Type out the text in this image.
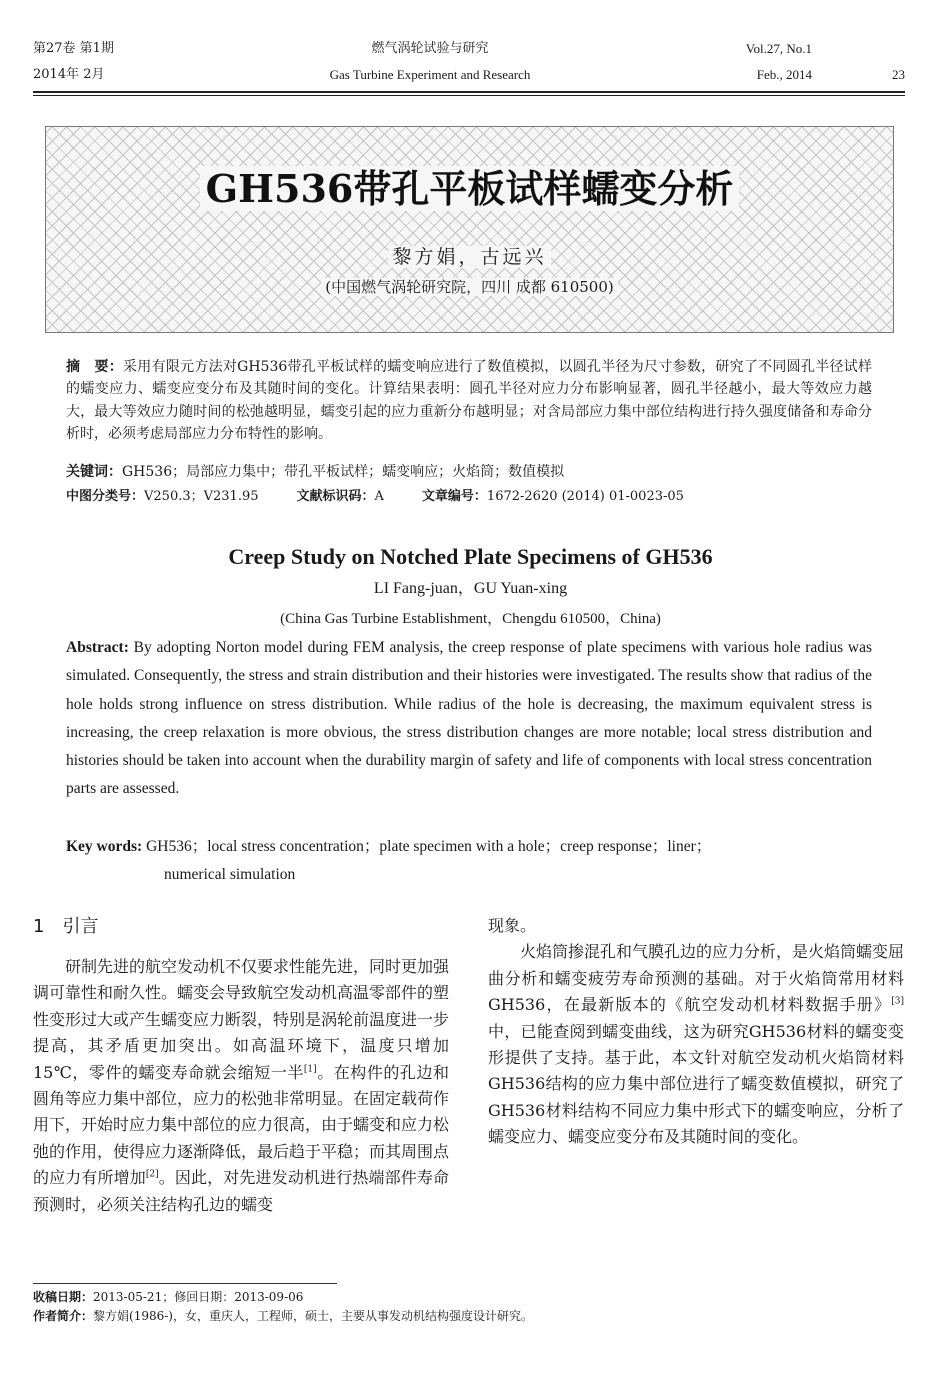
第27卷 第1期
2014年 2月
燃气涡轮试验与研究
Gas Turbine Experiment and Research
Vol.27, No.1
Feb., 2014	23
GH536带孔平板试样蠕变分析
黎方娟，古远兴
(中国燃气涡轮研究院，四川 成都 610500)
摘　要：采用有限元方法对GH536带孔平板试样的蠕变响应进行了数值模拟，以圆孔半径为尺寸参数，研究了不同圆孔半径试样的蠕变应力、蠕变应变分布及其随时间的变化。计算结果表明：圆孔半径对应力分布影响显著，圆孔半径越小，最大等效应力越大，最大等效应力随时间的松弛越明显，蠕变引起的应力重新分布越明显；对含局部应力集中部位结构进行持久强度储备和寿命分析时，必须考虑局部应力分布特性的影响。
关键词：GH536；局部应力集中；带孔平板试样；蠕变响应；火焰筒；数值模拟
中图分类号：V250.3；V231.95	文献标识码：A	文章编号：1672-2620 (2014) 01-0023-05
Creep Study on Notched Plate Specimens of GH536
LI Fang-juan，GU Yuan-xing
(China Gas Turbine Establishment，Chengdu 610500，China)
Abstract: By adopting Norton model during FEM analysis, the creep response of plate specimens with various hole radius was simulated. Consequently, the stress and strain distribution and their histories were investigated. The results show that radius of the hole holds strong influence on stress distribution. While radius of the hole is decreasing, the maximum equivalent stress is increasing, the creep relaxation is more obvious, the stress distribution changes are more notable; local stress distribution and histories should be taken into account when the durability margin of safety and life of components with local stress concentration parts are assessed.
Key words: GH536；local stress concentration；plate specimen with a hole；creep response；liner；
numerical simulation
1　引言
研制先进的航空发动机不仅要求性能先进，同时更加强调可靠性和耐久性。蠕变会导致航空发动机高温零部件的塑性变形过大或产生蠕变应力断裂，特别是涡轮前温度进一步提高，其矛盾更加突出。如高温环境下，温度只增加15℃，零件的蠕变寿命就会缩短一半[1]。在构件的孔边和圆角等应力集中部位，应力的松弛非常明显。在固定载荷作用下，开始时应力集中部位的应力很高，由于蠕变和应力松弛的作用，使得应力逐渐降低，最后趋于平稳；而其周围点的应力有所增加[2]。因此，对先进发动机进行热端部件寿命预测时，必须关注结构孔边的蠕变
现象。
火焰筒掺混孔和气膜孔边的应力分析，是火焰筒蠕变屈曲分析和蠕变疲劳寿命预测的基础。对于火焰筒常用材料GH536，在最新版本的《航空发动机材料数据手册》[3]中，已能查阅到蠕变曲线，这为研究GH536材料的蠕变变形提供了支持。基于此，本文针对航空发动机火焰筒材料GH536结构的应力集中部位进行了蠕变数值模拟，研究了GH536材料结构不同应力集中形式下的蠕变响应，分析了蠕变应力、蠕变应变分布及其随时间的变化。
收稿日期：2013-05-21；修回日期：2013-09-06
作者简介：黎方娟(1986-)，女，重庆人，工程师，硕士，主要从事发动机结构强度设计研究。
